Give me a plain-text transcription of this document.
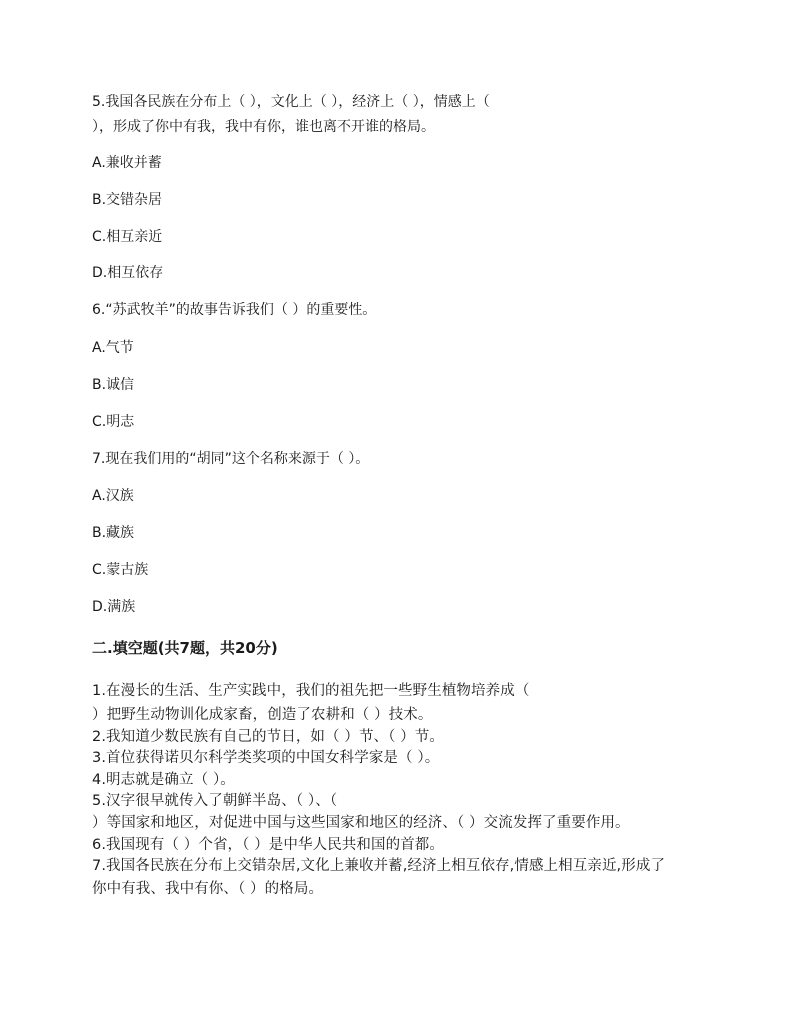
5.我国各民族在分布上（ ），文化上（ ），经济上（ ），情感上（
），形成了你中有我，我中有你，谁也离不开谁的格局。
A.兼收并蓄
B.交错杂居
C.相互亲近
D.相互依存
6.“苏武牧羊”的故事告诉我们（ ）的重要性。
A.气节
B.诚信
C.明志
7.现在我们用的“胡同”这个名称来源于（ ）。
A.汉族
B.藏族
C.蒙古族
D.满族
二.填空题(共7题，共20分)
1.在漫长的生活、生产实践中，我们的祖先把一些野生植物培养成（
）把野生动物训化成家畜，创造了农耕和（ ）技术。
2.我知道少数民族有自己的节日，如（ ）节、（ ）节。
3.首位获得诺贝尔科学类奖项的中国女科学家是（ ）。
4.明志就是确立（ ）。
5.汉字很早就传入了朝鲜半岛、（ ）、（
）等国家和地区，对促进中国与这些国家和地区的经济、（ ）交流发挥了重要作用。
6.我国现有（ ）个省，（ ）是中华人民共和国的首都。
7.我国各民族在分布上交错杂居,文化上兼收并蓄,经济上相互依存,情感上相互亲近,形成了
你中有我、我中有你、（ ）的格局。
